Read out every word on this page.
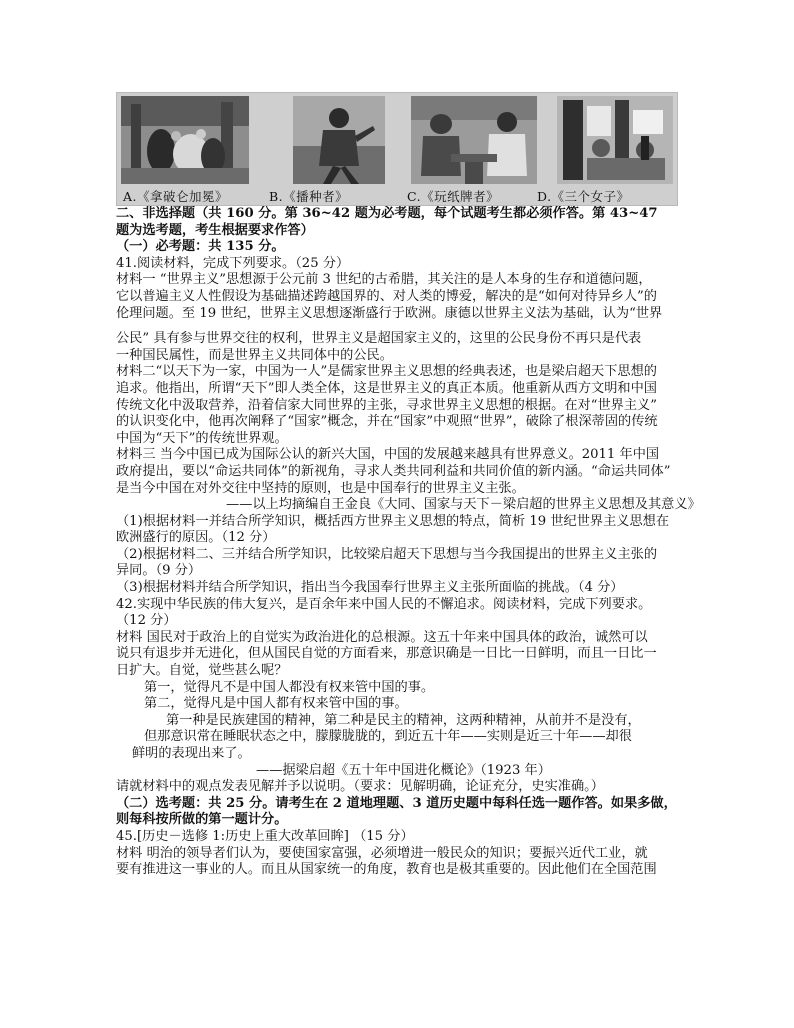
A.《拿破仑加冕》	B.《播种者》	C.《玩纸牌者》	D.《三个女子》

二、非选择题（共 160 分。第 36~42 题为必考题，每个试题考生都必须作答。第 43~47

题为选考题，考生根据要求作答）

（一）必考题：共 135 分。

41.阅读材料，完成下列要求。（25 分）

材料一 “世界主义”思想源于公元前 3 世纪的古希腊，其关注的是人本身的生存和道德问题，

它以普遍主义人性假设为基础描述跨越国界的、对人类的博爱，解决的是“如何对待异乡人”的

伦理问题。至 19 世纪，世界主义思想逐渐盛行于欧洲。康德以世界主义法为基础，认为“世界

公民” 具有参与世界交往的权利，世界主义是超国家主义的，这里的公民身份不再只是代表

一种国民属性，而是世界主义共同体中的公民。

材料二“以天下为一家，中国为一人”是儒家世界主义思想的经典表述，也是梁启超天下思想的

追求。他指出，所谓“天下”即人类全体，这是世界主义的真正本质。他重新从西方文明和中国

传统文化中汲取营养，沿着信家大同世界的主张，寻求世界主义思想的根据。在对“世界主义”

的认识变化中，他再次阐释了“国家”概念，并在“国家”中观照“世界”，破除了根深蒂固的传统

中国为“天下”的传统世界观。

材料三 当今中国已成为国际公认的新兴大国，中国的发展越来越具有世界意义。2011 年中国

政府提出，要以“命运共同体”的新视角，寻求人类共同利益和共同价值的新内涵。“命运共同体”

是当今中国在对外交往中坚持的原则，也是中国奉行的世界主义主张。

——以上均摘编自王金良《大同、国家与天下－梁启超的世界主义思想及其意义》

（1)根据材料一并结合所学知识，概括西方世界主义思想的特点，简析 19 世纪世界主义思想在

欧洲盛行的原因。（12 分）

（2)根据材料二、三并结合所学知识，比较梁启超天下思想与当今我国提出的世界主义主张的

异同。（9 分）

（3)根据材料并结合所学知识，指出当今我国奉行世界主义主张所面临的挑战。（4 分）

42.实现中华民族的伟大复兴，是百余年来中国人民的不懈追求。阅读材料，完成下列要求。

（12 分）

材料 国民对于政治上的自觉实为政治进化的总根源。这五十年来中国具体的政治，诚然可以

说只有退步并无进化，但从国民自觉的方面看来，那意识确是一日比一日鲜明，而且一日比一

日扩大。自觉，觉些甚么呢？

第一，觉得凡不是中国人都没有权来管中国的事。

第二，觉得凡是中国人都有权来管中国的事。

第一种是民族建国的精神，第二种是民主的精神，这两种精神，从前并不是没有，

但那意识常在睡眠状态之中，朦朦胧胧的，到近五十年——实则是近三十年——却很

鲜明的表现出来了。

——据梁启超《五十年中国进化概论》（1923 年）

请就材料中的观点发表见解并予以说明。（要求：见解明确，论证充分，史实准确。）

（二）选考题：共 25 分。请考生在 2 道地理题、3 道历史题中每科任选一题作答。如果多做，

则每科按所做的第一题计分。

45.[历史－选修 1:历史上重大改革回眸] （15 分）

材料 明治的领导者们认为，要使国家富强，必须增进一般民众的知识；要振兴近代工业，就

要有推进这一事业的人。而且从国家统一的角度，教育也是极其重要的。因此他们在全国范围
